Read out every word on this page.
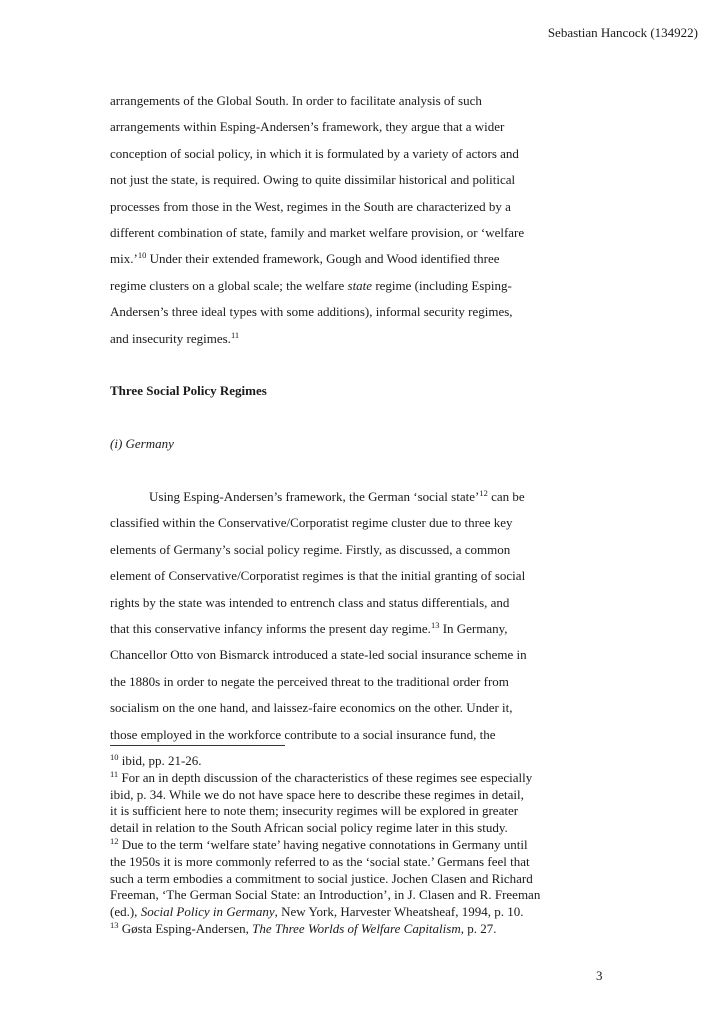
Sebastian Hancock (134922)
arrangements of the Global South. In order to facilitate analysis of such
arrangements within Esping-Andersen’s framework, they argue that a wider
conception of social policy, in which it is formulated by a variety of actors and
not just the state, is required. Owing to quite dissimilar historical and political
processes from those in the West, regimes in the South are characterized by a
different combination of state, family and market welfare provision, or ‘welfare
mix.’$^{10}$ Under their extended framework, Gough and Wood identified three
regime clusters on a global scale; the welfare state regime (including Esping-
Andersen’s three ideal types with some additions), informal security regimes,
and insecurity regimes.$^{11}$
Three Social Policy Regimes
(i) Germany
Using Esping-Andersen’s framework, the German ‘social state’$^{12}$ can be
classified within the Conservative/Corporatist regime cluster due to three key
elements of Germany’s social policy regime. Firstly, as discussed, a common
element of Conservative/Corporatist regimes is that the initial granting of social
rights by the state was intended to entrench class and status differentials, and
that this conservative infancy informs the present day regime.$^{13}$ In Germany,
Chancellor Otto von Bismarck introduced a state-led social insurance scheme in
the 1880s in order to negate the perceived threat to the traditional order from
socialism on the one hand, and laissez-faire economics on the other. Under it,
those employed in the workforce contribute to a social insurance fund, the
$^{10}$ ibid, pp. 21-26.
$^{11}$ For an in depth discussion of the characteristics of these regimes see especially
ibid, p. 34. While we do not have space here to describe these regimes in detail,
it is sufficient here to note them; insecurity regimes will be explored in greater
detail in relation to the South African social policy regime later in this study.
$^{12}$ Due to the term ‘welfare state’ having negative connotations in Germany until
the 1950s it is more commonly referred to as the ‘social state.’ Germans feel that
such a term embodies a commitment to social justice. Jochen Clasen and Richard
Freeman, ‘The German Social State: an Introduction’, in J. Clasen and R. Freeman
(ed.), Social Policy in Germany, New York, Harvester Wheatsheaf, 1994, p. 10.
$^{13}$ Gøsta Esping-Andersen, The Three Worlds of Welfare Capitalism, p. 27.
3
